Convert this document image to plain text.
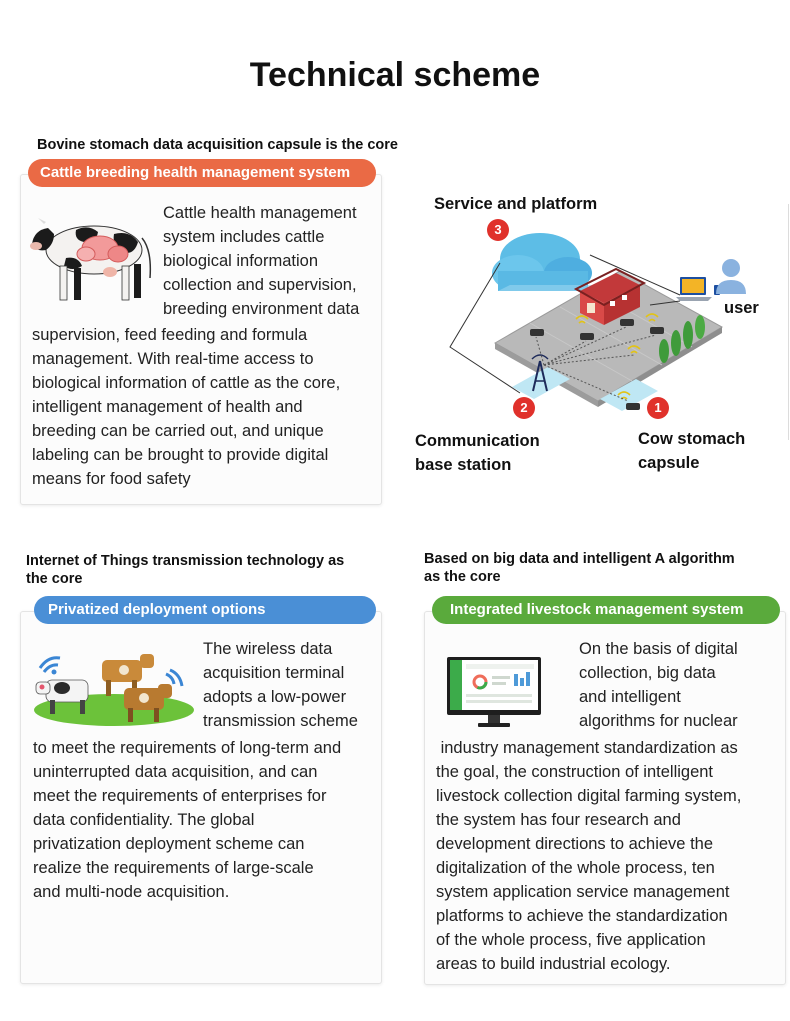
Technical scheme
Bovine stomach data acquisition capsule is the core
Cattle breeding health management system
Cattle health management
system includes cattle
biological information
collection and supervision,
breeding environment data
supervision, feed feeding and formula
management. With real-time access to
biological information of cattle as the core,
intelligent management of health and
breeding can be carried out, and unique
labeling can be brought to provide digital
means for food safety
Service and platform
user
Communication
base station
Cow stomach
capsule
3
2	1
Internet of Things transmission technology as
the core
Privatized deployment options
The wireless data
acquisition terminal
adopts a low-power
transmission scheme
to meet the requirements of long-term and
uninterrupted data acquisition, and can
meet the requirements of enterprises for
data confidentiality. The global
privatization deployment scheme can
realize the requirements of large-scale
and multi-node acquisition.
Based on big data and intelligent A algorithm
as the core
Integrated livestock management system
On the basis of digital
collection, big data
and intelligent
algorithms for nuclear
industry management standardization as
the goal, the construction of intelligent
livestock collection digital farming system,
the system has four research and
development directions to achieve the
digitalization of the whole process, ten
system application service management
platforms to achieve the standardization
of the whole process, five application
areas to build industrial ecology.
